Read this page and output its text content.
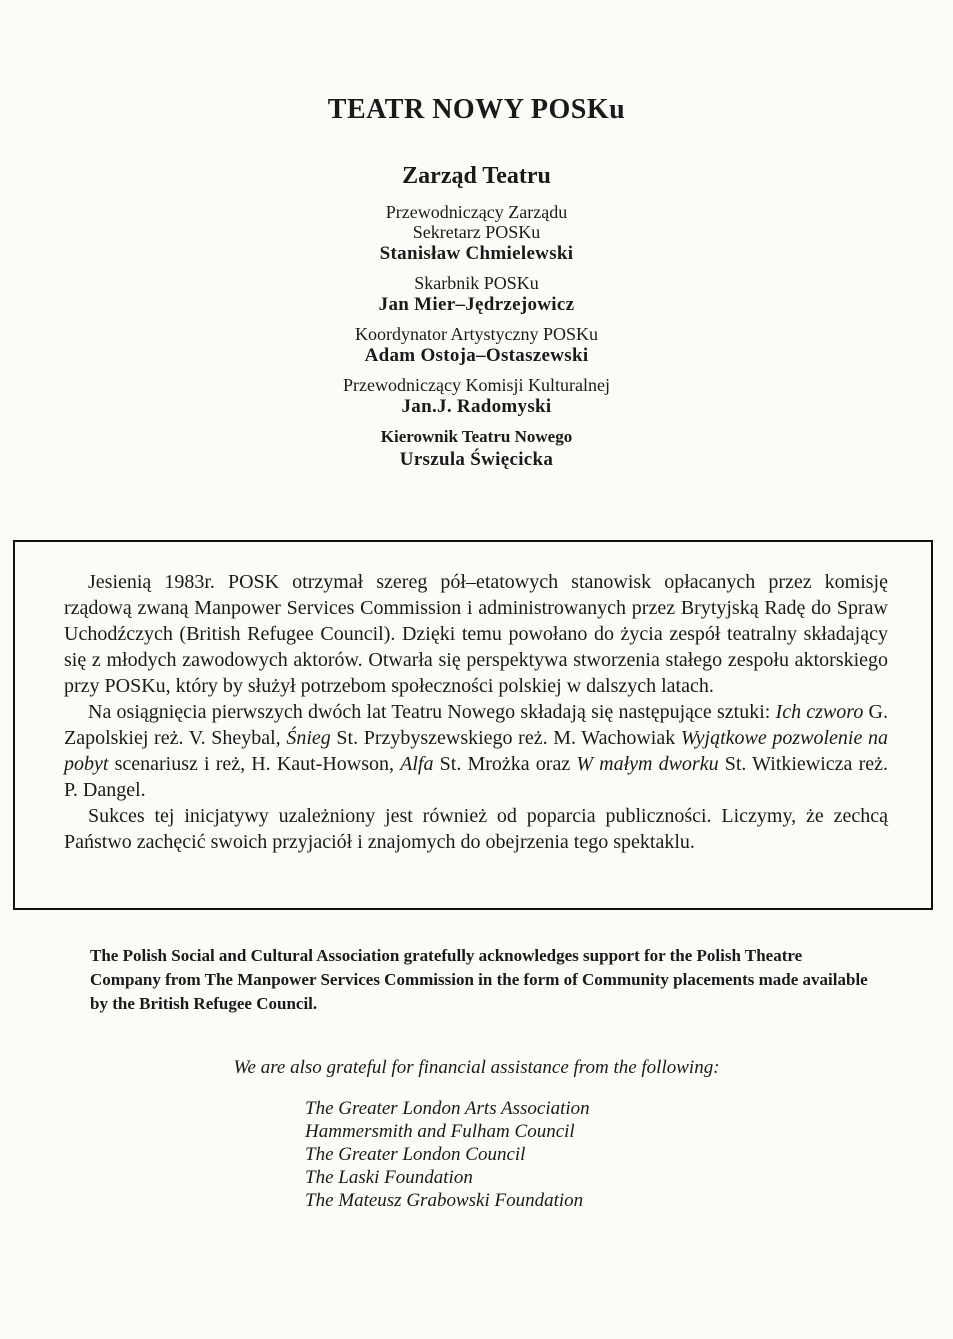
TEATR NOWY POSKu
Zarząd Teatru
Przewodniczący Zarządu
Sekretarz POSKu
Stanisław Chmielewski
Skarbnik POSKu
Jan Mier–Jędrzejowicz
Koordynator Artystyczny POSKu
Adam Ostoja–Ostaszewski
Przewodniczący Komisji Kulturalnej
Jan.J. Radomyski
Kierownik Teatru Nowego
Urszula Święcicka

Jesienią 1983r. POSK otrzymał szereg pół–etatowych stanowisk opłacanych przez komisję rządową zwaną Manpower Services Commission i administrowanych przez Brytyjską Radę do Spraw Uchodźczych (British Refugee Council). Dzięki temu powołano do życia zespół teatralny składający się z młodych zawodowych aktorów. Otwarła się perspektywa stworzenia stałego zespołu aktorskiego przy POSKu, który by służył potrzebom społeczności polskiej w dalszych latach.

Na osiągnięcia pierwszych dwóch lat Teatru Nowego składają się następujące sztuki: Ich czworo G. Zapolskiej reż. V. Sheybal, Śnieg St. Przybyszewskiego reż. M. Wachowiak Wyjątkowe pozwolenie na pobyt scenariusz i reż, H. Kaut-Howson, Alfa St. Mrożka oraz W małym dworku St. Witkiewicza reż. P. Dangel.

Sukces tej inicjatywy uzależniony jest również od poparcia publiczności. Liczymy, że zechcą Państwo zachęcić swoich przyjaciół i znajomych do obejrzenia tego spektaklu.

The Polish Social and Cultural Association gratefully acknowledges support for the Polish Theatre Company from The Manpower Services Commission in the form of Community placements made available by the British Refugee Council.
We are also grateful for financial assistance from the following:
The Greater London Arts Association
Hammersmith and Fulham Council
The Greater London Council
The Laski Foundation
The Mateusz Grabowski Foundation
